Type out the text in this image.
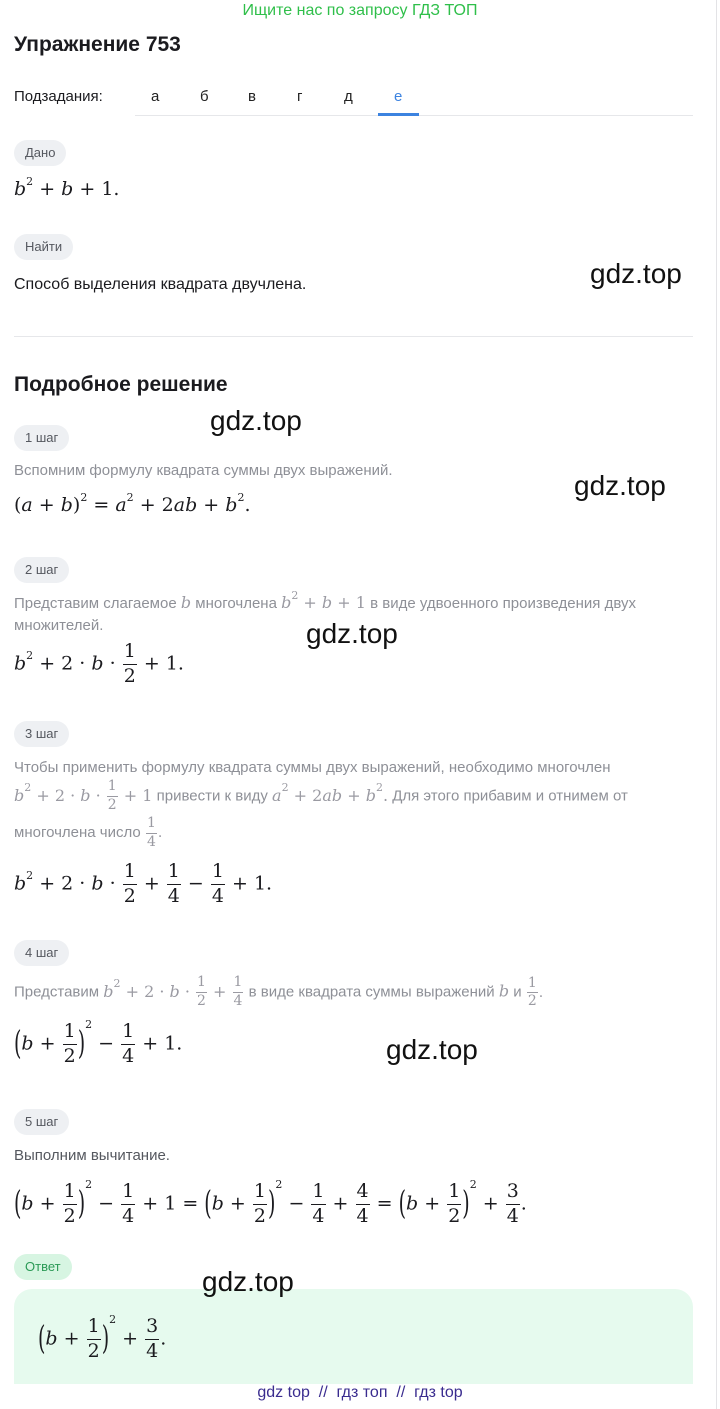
Ищите нас по запросу ГДЗ ТОП
Упражнение 753
Подзадания:	а	б	в	г	д	е
Дано
$b^2 + b + 1$.
Найти
Способ выделения квадрата двучлена.
Подробное решение
1 шаг
Вспомним формулу квадрата суммы двух выражений.
$(a + b)^2 = a^2 + 2ab + b^2$.
2 шаг
Представим слагаемое b многочлена $b^2 + b + 1$ в виде удвоенного произведения двух
множителей.
$b^2 + 2 \cdot b \cdot \frac{1}{2} + 1$.
3 шаг
Чтобы применить формулу квадрата суммы двух выражений, необходимо многочлен
$b^2 + 2 \cdot b \cdot \frac{1}{2} + 1$ привести к виду $a^2 + 2ab + b^2$. Для этого прибавим и отнимем от
многочлена число $\frac{1}{4}$ .
$b^2 + 2 \cdot b \cdot \frac{1}{2} + \frac{1}{4} - \frac{1}{4} + 1$.
4 шаг
Представим $b^2 + 2 \cdot b \cdot \frac{1}{2} + \frac{1}{4}$ в виде квадрата суммы выражений b и $\frac{1}{2}$ .
$(b + \frac{1}{2} )^2 - \frac{1}{4} + 1$.
5 шаг
Выполним вычитание.
$(b + \frac{1}{2} )^2 - \frac{1}{4} + 1 = (b + \frac{1}{2} )^2 - \frac{1}{4} + \frac{4}{4} = (b + \frac{1}{2} )^2 + \frac{3}{4}$ .
Ответ
$(b + \frac{1}{2} )^2 + \frac{3}{4}$ .
gdz.top
gdz.top
gdz.top
gdz.top
gdz.top
gdz.top
gdz top  //  гдз топ  //  гдз top
